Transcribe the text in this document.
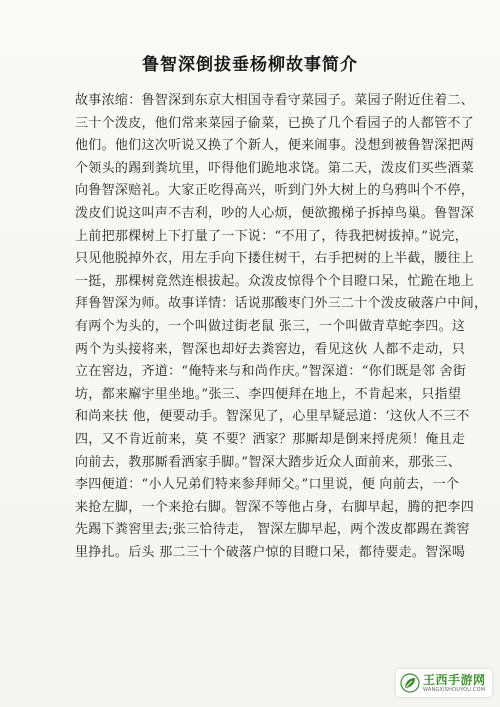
鲁智深倒拔垂杨柳故事简介
故事浓缩：鲁智深到东京大相国寺看守菜园子。菜园子附近住着二、
三十个泼皮，他们常来菜园子偷菜，已换了几个看园子的人都管不了
他们。他们这次听说又换了个新人，便来闹事。没想到被鲁智深把两
个领头的踢到粪坑里，吓得他们跪地求饶。第二天，泼皮们买些酒菜
向鲁智深赔礼。大家正吃得高兴，听到门外大树上的乌鸦叫个不停，
泼皮们说这叫声不吉利，吵的人心烦，便欲搬梯子拆掉鸟巢。鲁智深
上前把那棵树上下打量了一下说：“不用了，待我把树拔掉。”说完，
只见他脱掉外衣，用左手向下搂住树干，右手把树的上半截，腰往上
一挺，那棵树竟然连根拔起。众泼皮惊得个个目瞪口呆，忙跪在地上
拜鲁智深为师。故事详情：话说那酸枣门外三二十个泼皮破落户中间，
有两个为头的，一个叫做过街老鼠 张三，一个叫做青草蛇李四。这
两个为头接将来，智深也却好去粪窖边，看见这伙 人都不走动，只
立在窖边，齐道：“俺特来与和尚作庆。”智深道：“你们既是邻 舍街
坊，都来廨宇里坐地。”张三、李四便拜在地上，不肯起来，只指望
和尚来扶 他，便要动手。智深见了，心里早疑忌道：‘这伙人不三不
四，又不肯近前来，莫 不要？洒家？那厮却是倒来捋虎须！俺且走
向前去，教那厮看洒家手脚。”智深大踏步近众人面前来，那张三、
李四便道：“小人兄弟们特来参拜师父。”口里说，便 向前去，一个
来抢左脚，一个来抢右脚。智深不等他占身，右脚早起，腾的把李四
先踢下粪窖里去;张三恰待走， 智深左脚早起，两个泼皮都踢在粪窖
里挣扎。后头 那二三十个破落户惊的目瞪口呆，都待要走。智深喝
王西手游网
WANGXISHOUYOU.COM
